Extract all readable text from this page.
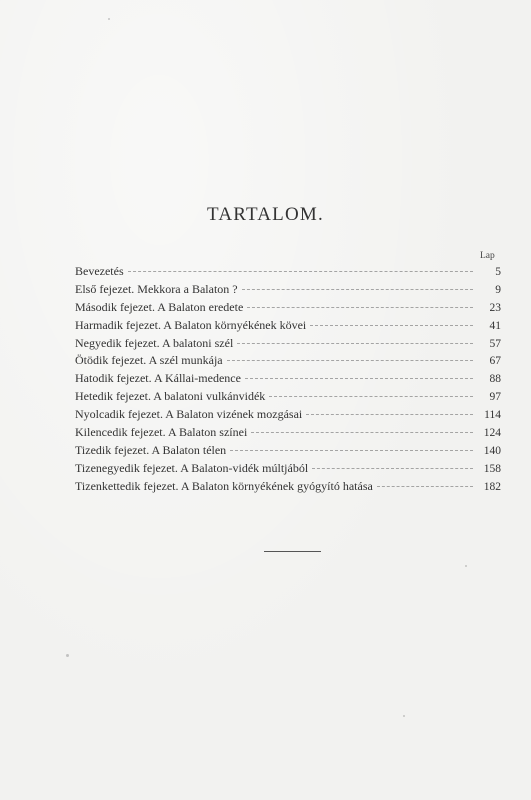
TARTALOM.
Lap
Bevezetés	5
Első fejezet. Mekkora a Balaton ?	9
Második fejezet. A Balaton eredete	23
Harmadik fejezet. A Balaton környékének kövei	41
Negyedik fejezet. A balatoni szél	57
Ötödik fejezet. A szél munkája	67
Hatodik fejezet. A Kállai-medence	88
Hetedik fejezet. A balatoni vulkánvidék	97
Nyolcadik fejezet. A Balaton vizének mozgásai	114
Kilencedik fejezet. A Balaton színei	124
Tizedik fejezet. A Balaton télen	140
Tizenegyedik fejezet. A Balaton-vidék múltjából	158
Tizenkettedik fejezet. A Balaton környékének gyógyító hatása	182
